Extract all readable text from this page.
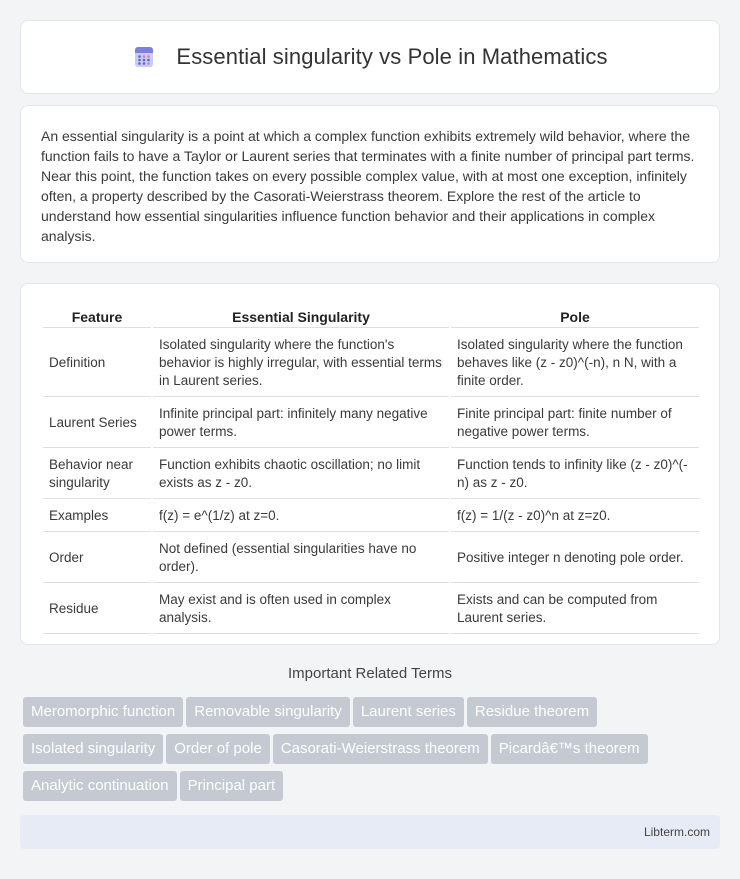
Essential singularity vs Pole in Mathematics

An essential singularity is a point at which a complex function exhibits extremely wild behavior, where the function fails to have a Taylor or Laurent series that terminates with a finite number of principal part terms. Near this point, the function takes on every possible complex value, with at most one exception, infinitely often, a property described by the Casorati-Weierstrass theorem. Explore the rest of the article to understand how essential singularities influence function behavior and their applications in complex analysis.

Feature	Essential Singularity	Pole
Definition	Isolated singularity where the function's behavior is highly irregular, with essential terms in Laurent series.	Isolated singularity where the function behaves like (z - z0)^(-n), n N, with a finite order.
Laurent Series	Infinite principal part: infinitely many negative power terms.	Finite principal part: finite number of negative power terms.
Behavior near singularity	Function exhibits chaotic oscillation; no limit exists as z - z0.	Function tends to infinity like (z - z0)^(-n) as z - z0.
Examples	f(z) = e^(1/z) at z=0.	f(z) = 1/(z - z0)^n at z=z0.
Order	Not defined (essential singularities have no order).	Positive integer n denoting pole order.
Residue	May exist and is often used in complex analysis.	Exists and can be computed from Laurent series.
Important Related Terms
Meromorphic function Removable singularity Laurent series Residue theorem
Isolated singularity Order of pole Casorati-Weierstrass theorem Picardâ€™s theorem
Analytic continuation Principal part
Libterm.com
